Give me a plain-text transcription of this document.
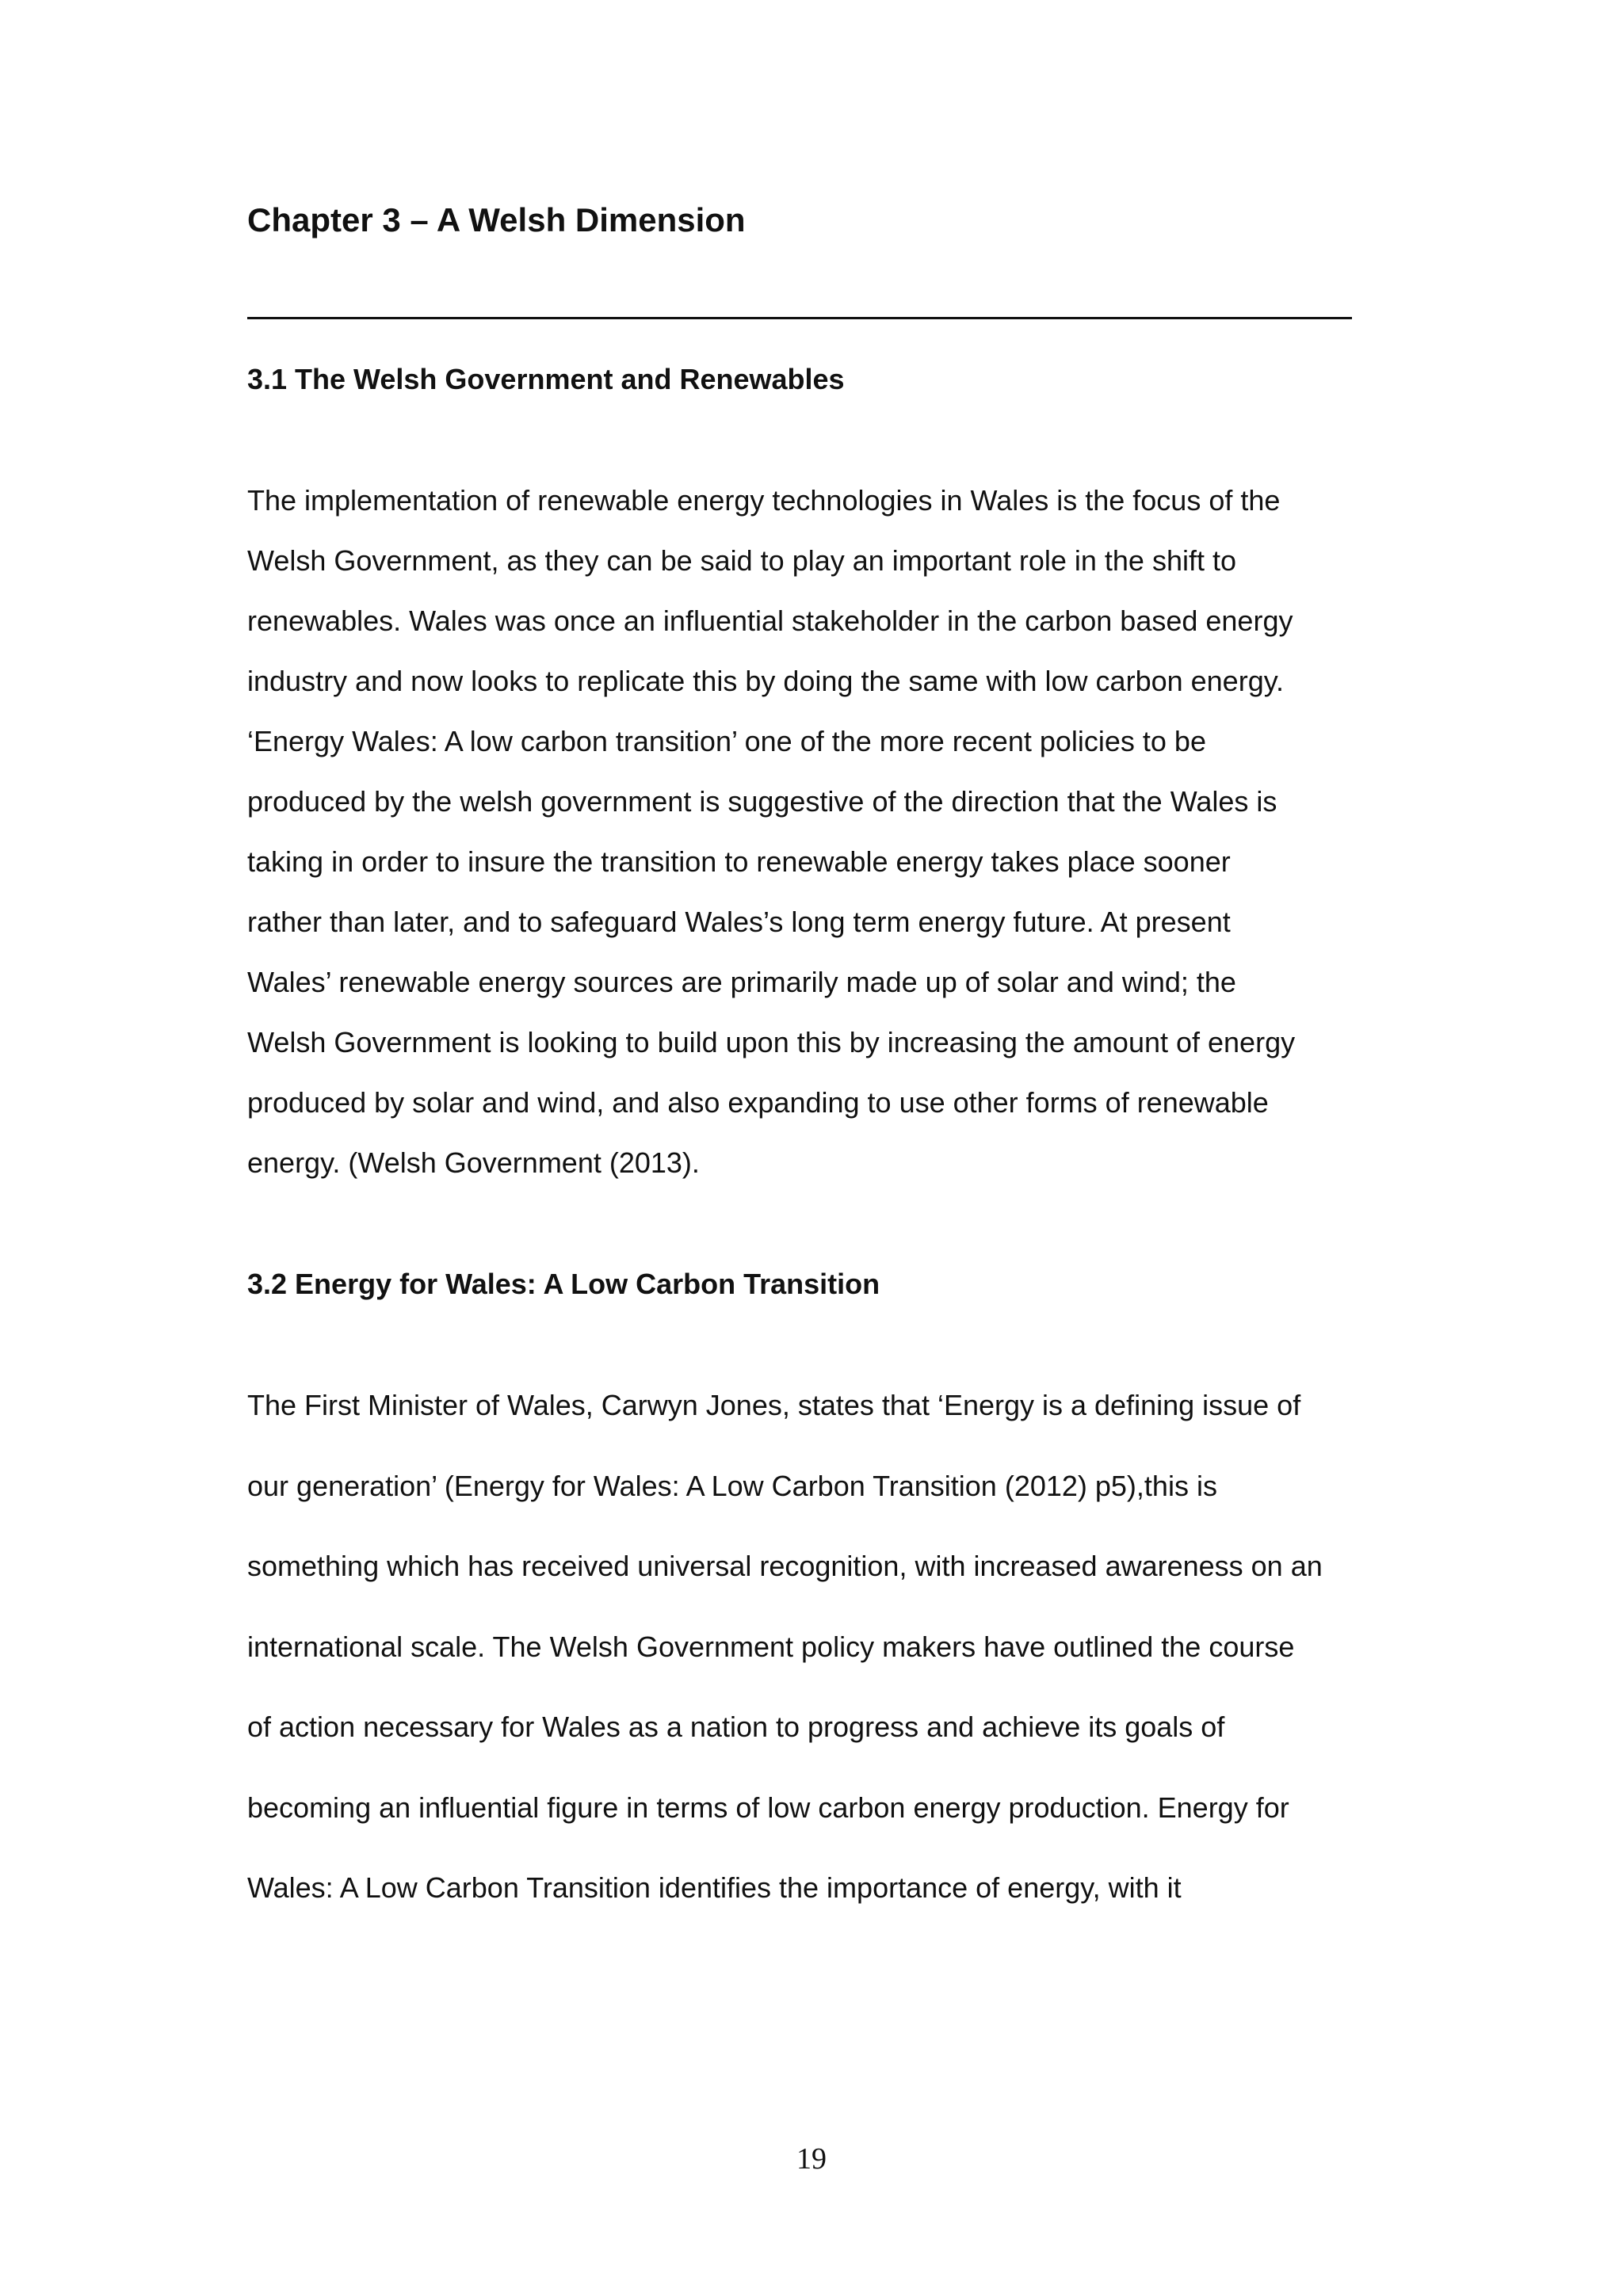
Chapter 3 – A Welsh Dimension
3.1 The Welsh Government and Renewables

The implementation of renewable energy technologies in Wales is the focus of the
Welsh Government, as they can be said to play an important role in the shift to
renewables. Wales was once an influential stakeholder in the carbon based energy
industry and now looks to replicate this by doing the same with low carbon energy.
‘Energy Wales: A low carbon transition’ one of the more recent policies to be
produced by the welsh government is suggestive of the direction that the Wales is
taking in order to insure the transition to renewable energy takes place sooner
rather than later, and to safeguard Wales’s long term energy future. At present
Wales’ renewable energy sources are primarily made up of solar and wind; the
Welsh Government is looking to build upon this by increasing the amount of energy
produced by solar and wind, and also expanding to use other forms of renewable
energy. (Welsh Government (2013).

3.2 Energy for Wales: A Low Carbon Transition

The First Minister of Wales, Carwyn Jones, states that ‘Energy is a defining issue of
our generation’ (Energy for Wales: A Low Carbon Transition (2012) p5),this is
something which has received universal recognition, with increased awareness on an
international scale. The Welsh Government policy makers have outlined the course
of action necessary for Wales as a nation to progress and achieve its goals of
becoming an influential figure in terms of low carbon energy production. Energy for
Wales: A Low Carbon Transition identifies the importance of energy, with it

19
